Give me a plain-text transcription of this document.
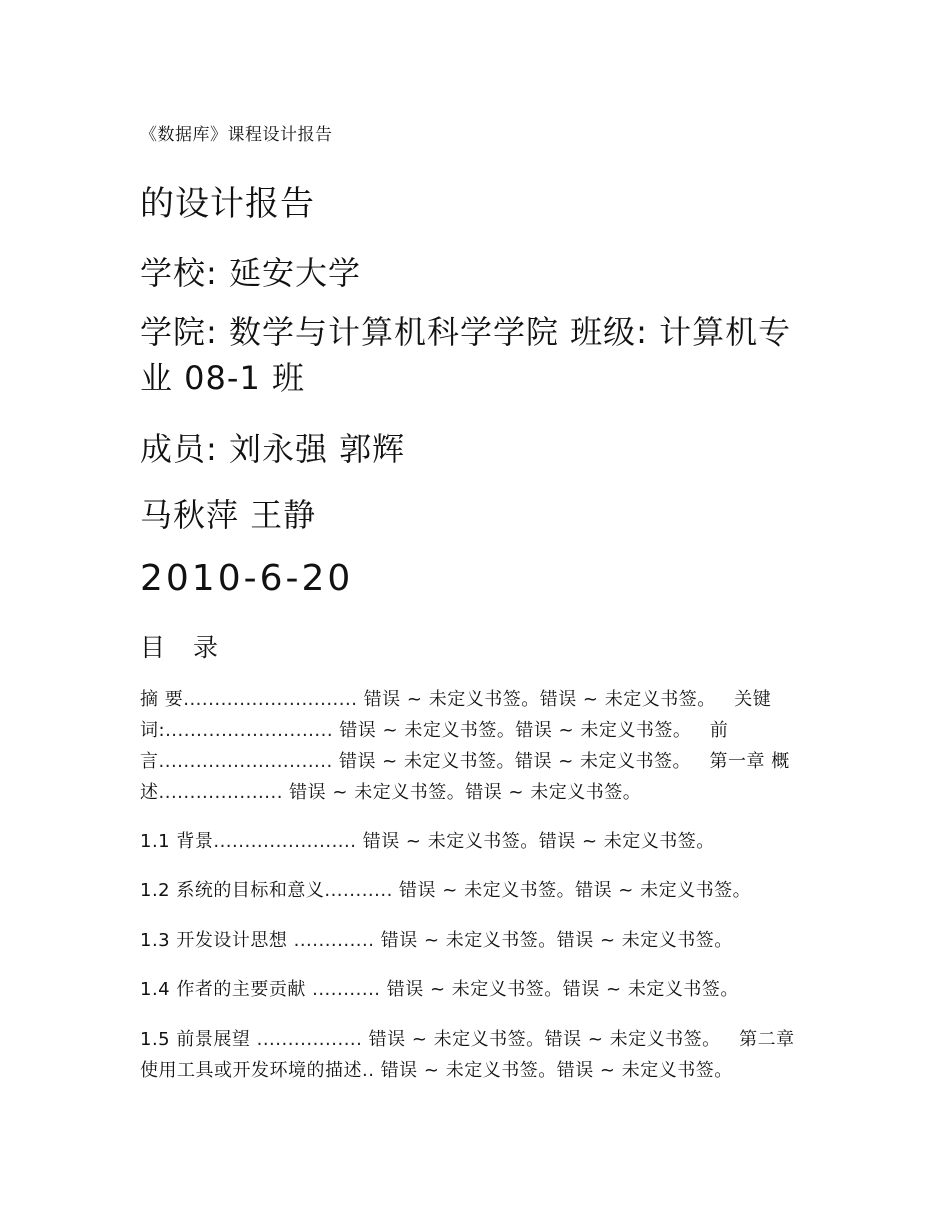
《数据库》课程设计报告
的设计报告
学校: 延安大学
学院: 数学与计算机科学学院 班级: 计算机专业 08-1 班
成员: 刘永强 郭辉
马秋萍 王静
2010-6-20
目 录
摘 要............................ 错误 ~ 未定义书签。错误 ~ 未定义书签。 关键词:........................... 错误 ~ 未定义书签。错误 ~ 未定义书签。 前言............................ 错误 ~ 未定义书签。错误 ~ 未定义书签。 第一章 概 述.................... 错误 ~ 未定义书签。错误 ~ 未定义书签。
1.1 背景....................... 错误 ~ 未定义书签。错误 ~ 未定义书签。
1.2 系统的目标和意义........... 错误 ~ 未定义书签。错误 ~ 未定义书签。
1.3 开发设计思想 ............. 错误 ~ 未定义书签。错误 ~ 未定义书签。
1.4 作者的主要贡献 ........... 错误 ~ 未定义书签。错误 ~ 未定义书签。
1.5 前景展望 ................. 错误 ~ 未定义书签。错误 ~ 未定义书签。 第二章 使用工具或开发环境的描述.. 错误 ~ 未定义书签。错误 ~ 未定义书签。
